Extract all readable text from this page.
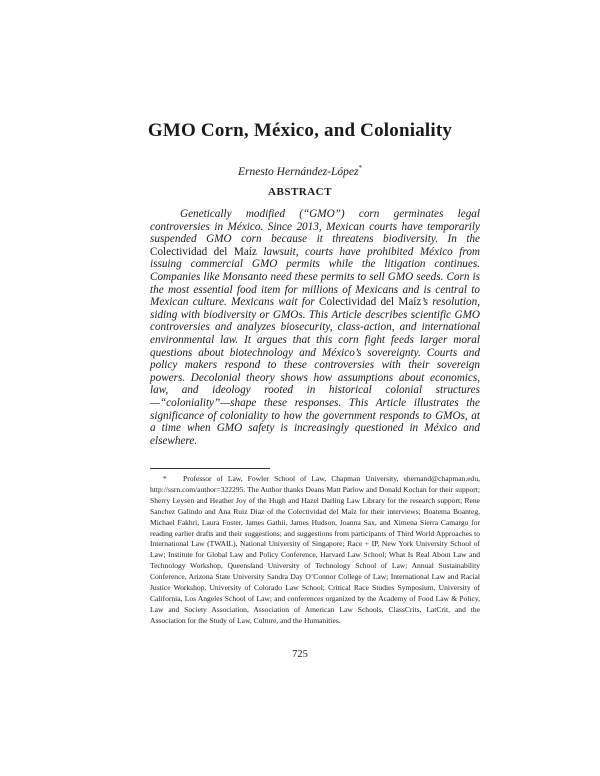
GMO Corn, México, and Coloniality
Ernesto Hernández-López*
ABSTRACT
Genetically modified (“GMO”) corn germinates legal controversies in México. Since 2013, Mexican courts have temporarily suspended GMO corn because it threatens biodiversity. In the Colectividad del Maíz lawsuit, courts have prohibited México from issuing commercial GMO permits while the litigation continues. Companies like Monsanto need these permits to sell GMO seeds. Corn is the most essential food item for millions of Mexicans and is central to Mexican culture. Mexicans wait for Colectividad del Maíz’s resolution, siding with biodiversity or GMOs. This Article describes scientific GMO controversies and analyzes biosecurity, class-action, and international environmental law. It argues that this corn fight feeds larger moral questions about biotechnology and México’s sovereignty. Courts and policy makers respond to these controversies with their sovereign powers. Decolonial theory shows how assumptions about economics, law, and ideology rooted in historical colonial structures—“coloniality”—shape these responses. This Article illustrates the significance of coloniality to how the government responds to GMOs, at a time when GMO safety is increasingly questioned in México and elsewhere.
* Professor of Law, Fowler School of Law, Chapman University, ehernand@chapman.edu, http://ssrn.com/author=322295. The Author thanks Deans Matt Parlow and Donald Kochan for their support; Sherry Leysen and Heather Joy of the Hugh and Hazel Darling Law Library for the research support; Rene Sanchez Galindo and Ana Ruiz Diaz of the Colectividad del Maíz for their interviews; Boatema Boanteg, Michael Fakhri, Laura Foster, James Gathii, James Hudson, Joanna Sax, and Ximena Sierra Camargo for reading earlier drafts and their suggestions; and suggestions from participants of Third World Approaches to International Law (TWAIL), National University of Singapore; Race + IP, New York University School of Law; Institute for Global Law and Policy Conference, Harvard Law School; What Is Real About Law and Technology Workshop, Queensland University of Technology School of Law; Annual Sustainability Conference, Arizona State University Sandra Day O’Connor College of Law; International Law and Racial Justice Workshop, University of Colorado Law School; Critical Race Studies Symposium, University of California, Los Angeles School of Law; and conferences organized by the Academy of Food Law & Policy, Law and Society Association, Association of American Law Schools, ClassCrits, LatCrit, and the Association for the Study of Law, Culture, and the Humanities.
725
